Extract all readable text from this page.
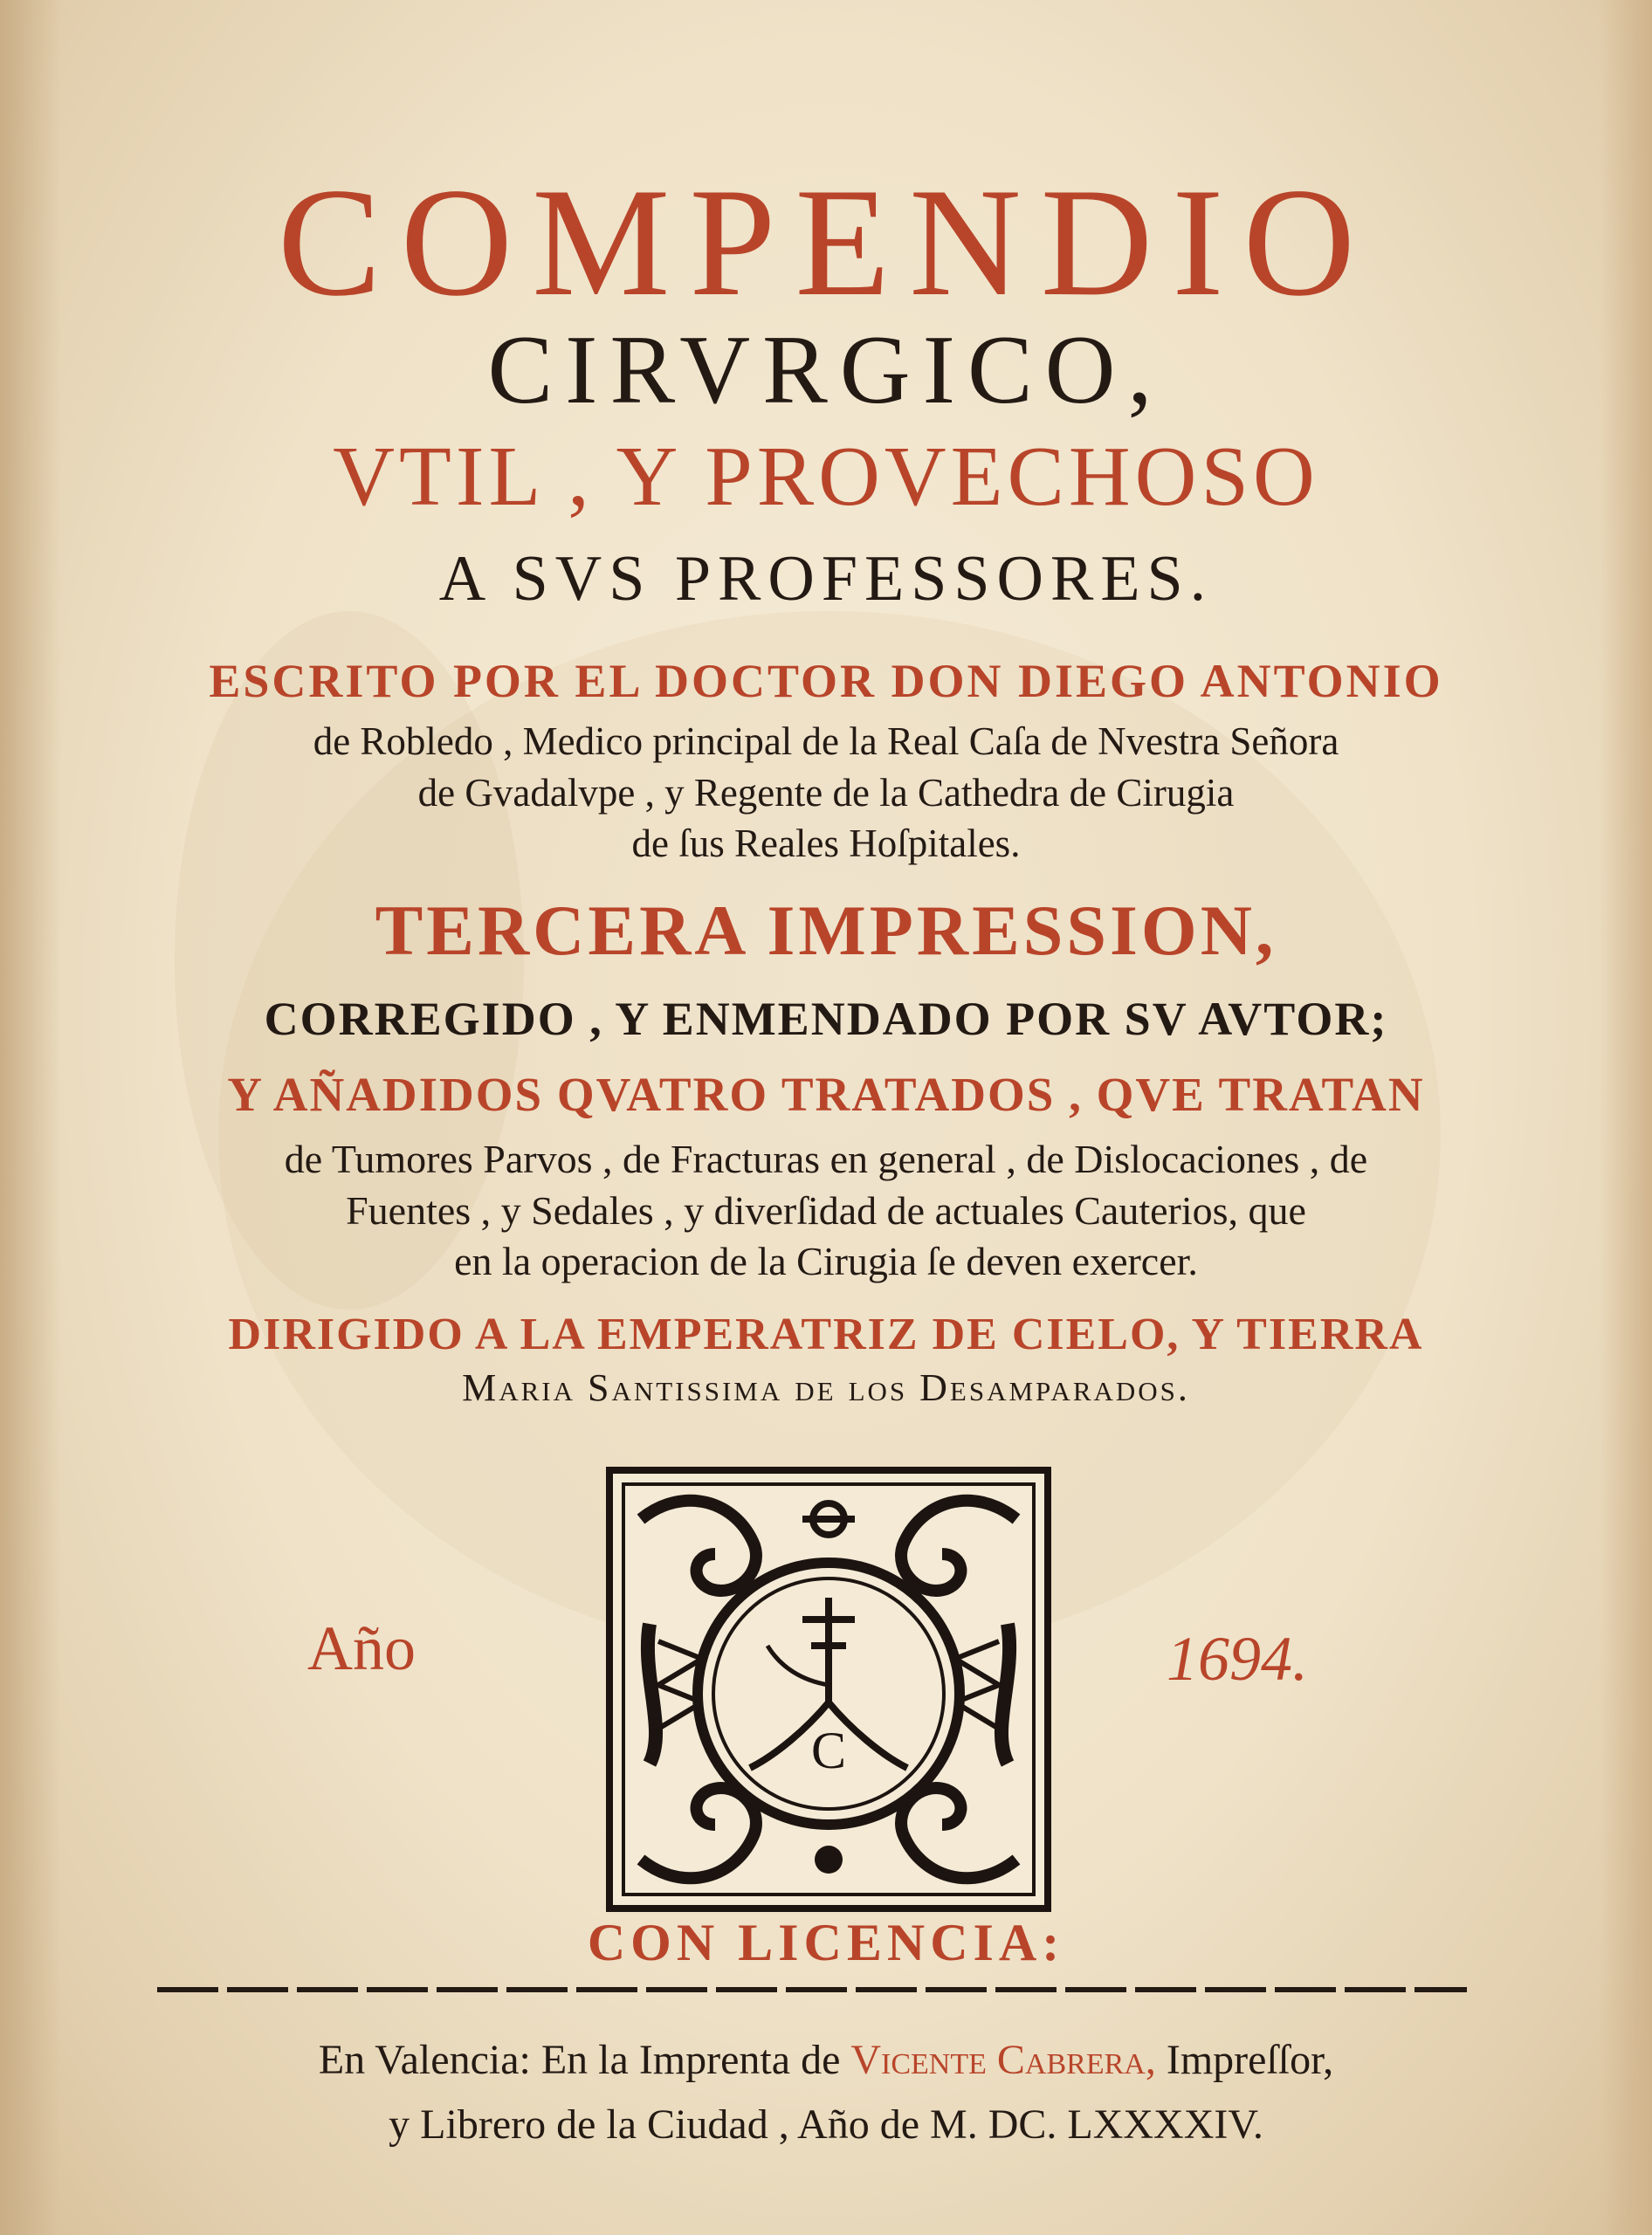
COMPENDIO
CIRVRGICO,
VTIL , Y PROVECHOSO
A SVS PROFESSORES.
ESCRITO POR EL DOCTOR DON DIEGO ANTONIO
de Robledo , Medico principal de la Real Caſa de Nvestra Señora
de Gvadalvpe , y Regente de la Cathedra de Cirugia
de ſus Reales Hoſpitales.
TERCERA IMPRESSION,
CORREGIDO , Y ENMENDADO POR SV AVTOR;
Y AÑADIDOS QVATRO TRATADOS , QVE TRATAN
de Tumores Parvos , de Fracturas en general , de Dislocaciones , de
Fuentes , y Sedales , y diverſidad de actuales Cauterios, que
en la operacion de la Cirugia ſe deven exercer.
DIRIGIDO A LA EMPERATRIZ DE CIELO, Y TIERRA
Maria Santissima de los Desamparados.
Año	1694.
C
CON LICENCIA:
En Valencia: En la Imprenta de Vicente Cabrera, Impreſſor,
y Librero de la Ciudad , Año de M. DC. LXXXXIV.
